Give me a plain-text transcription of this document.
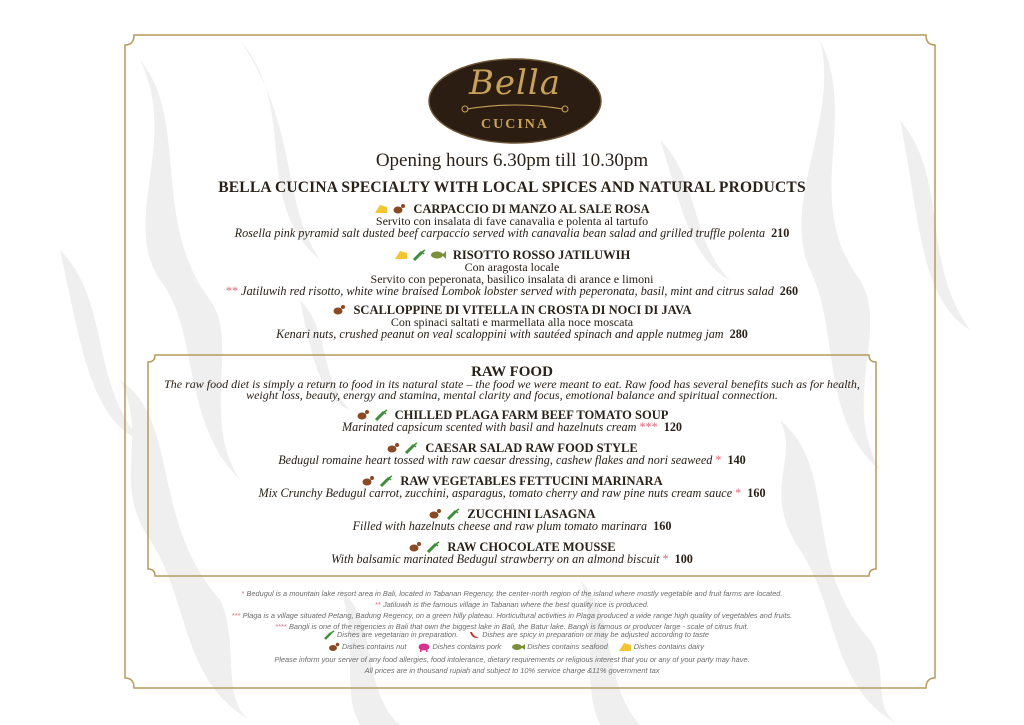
Bella
CUCINA
Opening hours 6.30pm till 10.30pm
BELLA CUCINA SPECIALTY WITH LOCAL SPICES AND NATURAL PRODUCTS
CARPACCIO DI MANZO AL SALE ROSA
Servito con insalata di fave canavalia e polenta al tartufo
Rosella pink pyramid salt dusted beef carpaccio served with canavalia bean salad and grilled truffle polenta 210
RISOTTO ROSSO JATILUWIH
Con aragosta locale
Servito con peperonata, basilico insalata di arance e limoni
** Jatiluwih red risotto, white wine braised Lombok lobster served with peperonata, basil, mint and citrus salad 260
SCALLOPPINE DI VITELLA IN CROSTA DI NOCI DI JAVA
Con spinaci saltati e marmellata alla noce moscata
Kenari nuts, crushed peanut on veal scaloppini with sautéed spinach and apple nutmeg jam 280
RAW FOOD
The raw food diet is simply a return to food in its natural state – the food we were meant to eat. Raw food has several benefits such as for health, weight loss, beauty, energy and stamina, mental clarity and focus, emotional balance and spiritual connection.
CHILLED PLAGA FARM BEEF TOMATO SOUP
Marinated capsicum scented with basil and hazelnuts cream *** 120
CAESAR SALAD RAW FOOD STYLE
Bedugul romaine heart tossed with raw caesar dressing, cashew flakes and nori seaweed * 140
RAW VEGETABLES FETTUCINI MARINARA
Mix Crunchy Bedugul carrot, zucchini, asparagus, tomato cherry and raw pine nuts cream sauce * 160
ZUCCHINI LASAGNA
Filled with hazelnuts cheese and raw plum tomato marinara 160
RAW CHOCOLATE MOUSSE
With balsamic marinated Bedugul strawberry on an almond biscuit * 100
* Bedugul is a mountain lake resort area in Bali, located in Tabanan Regency, the center-north region of the island where mostly vegetable and fruit farms are located.
** Jatiluwih is the famous village in Tabanan where the best quality rice is produced.
*** Plaga is a village situated Petang, Badung Regency, on a green hilly plateau. Horticultural activities in Plaga produced a wide range high quality of vegetables and fruits.
**** Bangli is one of the regencies in Bali that own the biggest lake in Bali, the Batur lake. Bangli is famous or producer large - scale of citrus fruit.
Dishes are vegetarian in preparation.	Dishes are spicy in preparation or may be adjusted according to taste
Dishes contains nut	Dishes contains pork	Dishes contains seafood	Dishes contains dairy
Please inform your server of any food allergies, food intolerance, dietary requirements or religious interest that you or any of your party may have.
All prices are in thousand rupiah and subject to 10% service charge &11% government tax
